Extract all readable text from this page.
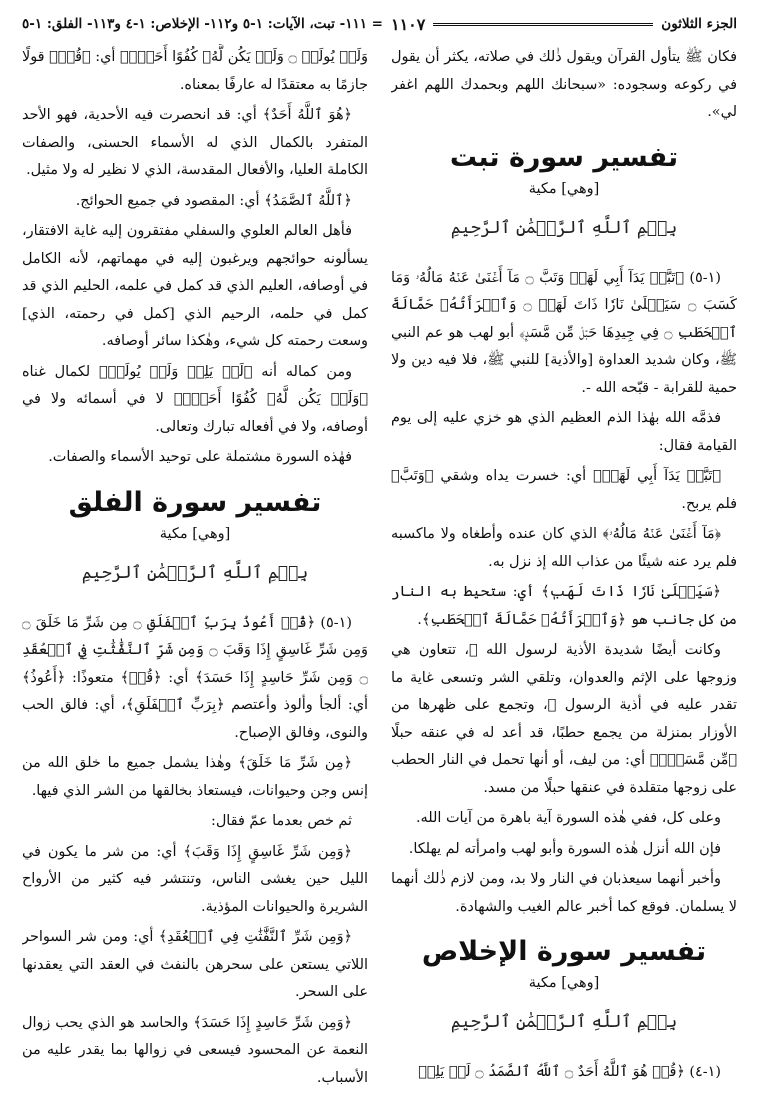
الجزء الثلاثون
١١٠٧
= ١١١- تبت، الآيات: ١-٥ و١١٢- الإخلاص: ١-٤ و١١٣- الفلق: ١-٥

فكان ﷺ يتأول القرآن ويقول ذٰلك في صلاته، يكثر أن يقول في ركوعه وسجوده: «سبحانك اللهم وبحمدك اللهم اغفر لي».

تفسير سورة تبت
[وهي] مكية
بِسۡمِ ٱللَّهِ ٱلرَّحۡمَٰنِ ٱلرَّحِيمِ

(١-٥) ﴿تَبَّتۡ يَدَآ أَبِي لَهَبٖ وَتَبَّ ۝ مَآ أَغۡنَىٰ عَنۡهُ مَالُهُۥ وَمَا كَسَبَ ۝ سَيَصۡلَىٰ نَارٗا ذَاتَ لَهَبٖ ۝ وَٱمۡرَأَتُهُۥ حَمَّالَةَ ٱلۡحَطَبِ ۝ فِي جِيدِهَا حَبۡلٞ مِّن مَّسَدِۭ﴾ أبو لهب هو عم النبي ﷺ، وكان شديد العداوة [والأذية] للنبي ﷺ، فلا فيه دين ولا حمية للقرابة - قبّحه الله -.

فذمَّه الله بهٰذا الذم العظيم الذي هو خزي عليه إلى يوم القيامة فقال:

﴿تَبَّتۡ يَدَآ أَبِي لَهَبٖ﴾ أي: خسرت يداه وشقي ﴿وَتَبَّ﴾ فلم يربح.

﴿مَآ أَغۡنَىٰ عَنۡهُ مَالُهُۥ﴾ الذي كان عنده وأطغاه ولا ماكسبه فلم يرد عنه شيئًا من عذاب الله إذ نزل به.

﴿سَيَصۡلَىٰ نَارٗا ذَاتَ لَهَبٖ﴾ أي: ستحيط به النار من كل جانب هو ﴿وَٱمۡرَأَتُهُۥ حَمَّالَةَ ٱلۡحَطَبِ﴾.

وكانت أيضًا شديدة الأذية لرسول الله ﷺ، تتعاون هي وزوجها على الإثم والعدوان، وتلقي الشر وتسعى غاية ما تقدر عليه في أذية الرسول ﷺ، وتجمع على ظهرها من الأوزار بمنزلة من يجمع حطبًا، قد أعد له في عنقه حبلًا ﴿مِّن مَّسَدِۭ﴾ أي: من ليف، أو أنها تحمل في النار الحطب على زوجها متقلدة في عنقها حبلًا من مسد.

وعلى كل، ففي هٰذه السورة آية باهرة من آيات الله.

فإن الله أنزل هٰذه السورة وأبو لهب وامرأته لم يهلكا.

وأخبر أنهما سيعذبان في النار ولا بد، ومن لازم ذٰلك أنهما لا يسلمان. فوقع كما أخبر عالم الغيب والشهادة.

تفسير سورة الإخلاص
[وهي] مكية
بِسۡمِ ٱللَّهِ ٱلرَّحۡمَٰنِ ٱلرَّحِيمِ

(١-٤) ﴿قُلۡ هُوَ ٱللَّهُ أَحَدٌ ۝ ٱللَّهُ ٱلصَّمَدُ ۝ لَمۡ يَلِدۡ

وَلَمۡ يُولَدۡ ۝ وَلَمۡ يَكُن لَّهُۥ كُفُوًا أَحَدُۢ﴾ أي: ﴿قُلۡ﴾ قولًا جازمًا به معتقدًا له عارفًا بمعناه.

﴿هُوَ ٱللَّهُ أَحَدٌ﴾ أي: قد انحصرت فيه الأحدية، فهو الأحد المتفرد بالكمال الذي له الأسماء الحسنى، والصفات الكاملة العليا، والأفعال المقدسة، الذي لا نظير له ولا مثيل.

﴿ٱللَّهُ ٱلصَّمَدُ﴾ أي: المقصود في جميع الحوائج.

فأهل العالم العلوي والسفلي مفتقرون إليه غاية الافتقار، يسألونه حوائجهم ويرغبون إليه في مهماتهم، لأنه الكامل في أوصافه، العليم الذي قد كمل في علمه، الحليم الذي قد كمل في حلمه، الرحيم الذي [كمل في رحمته، الذي] وسعت رحمته كل شيء، وهٰكذا سائر أوصافه.

ومن كماله أنه ﴿لَمۡ يَلِدۡ وَلَمۡ يُولَدۡ﴾ لكمال غناه ﴿وَلَمۡ يَكُن لَّهُۥ كُفُوًا أَحَدُۢ﴾ لا في أسمائه ولا في أوصافه، ولا في أفعاله تبارك وتعالى.

فهٰذه السورة مشتملة على توحيد الأسماء والصفات.

تفسير سورة الفلق
[وهي] مكية
بِسۡمِ ٱللَّهِ ٱلرَّحۡمَٰنِ ٱلرَّحِيمِ

(١-٥) ﴿قُلۡ أَعُوذُ بِرَبِّ ٱلۡفَلَقِ ۝ مِن شَرِّ مَا خَلَقَ ۝ وَمِن شَرِّ غَاسِقٍ إِذَا وَقَبَ ۝ وَمِن شَرِّ ٱلنَّفَّٰثَٰتِ فِي ٱلۡعُقَدِ ۝ وَمِن شَرِّ حَاسِدٍ إِذَا حَسَدَ﴾ أي: ﴿قُلۡ﴾ متعوذًا: ﴿أَعُوذُ﴾ أي: ألجأ وألوذ وأعتصم ﴿بِرَبِّ ٱلۡفَلَقِ﴾، أي: فالق الحب والنوى، وفالق الإصباح.

﴿مِن شَرِّ مَا خَلَقَ﴾ وهٰذا يشمل جميع ما خلق الله من إنس وجن وحيوانات، فيستعاذ بخالقها من الشر الذي فيها.

ثم خص بعدما عمّ فقال:

﴿وَمِن شَرِّ غَاسِقٍ إِذَا وَقَبَ﴾ أي: من شر ما يكون في الليل حين يغشى الناس، وتنتشر فيه كثير من الأرواح الشريرة والحيوانات المؤذية.

﴿وَمِن شَرِّ ٱلنَّفَّٰثَٰتِ فِي ٱلۡعُقَدِ﴾ أي: ومن شر السواحر اللاتي يستعن على سحرهن بالنفث في العقد التي يعقدنها على السحر.

﴿وَمِن شَرِّ حَاسِدٍ إِذَا حَسَدَ﴾ والحاسد هو الذي يحب زوال النعمة عن المحسود فيسعى في زوالها بما يقدر عليه من الأسباب.
